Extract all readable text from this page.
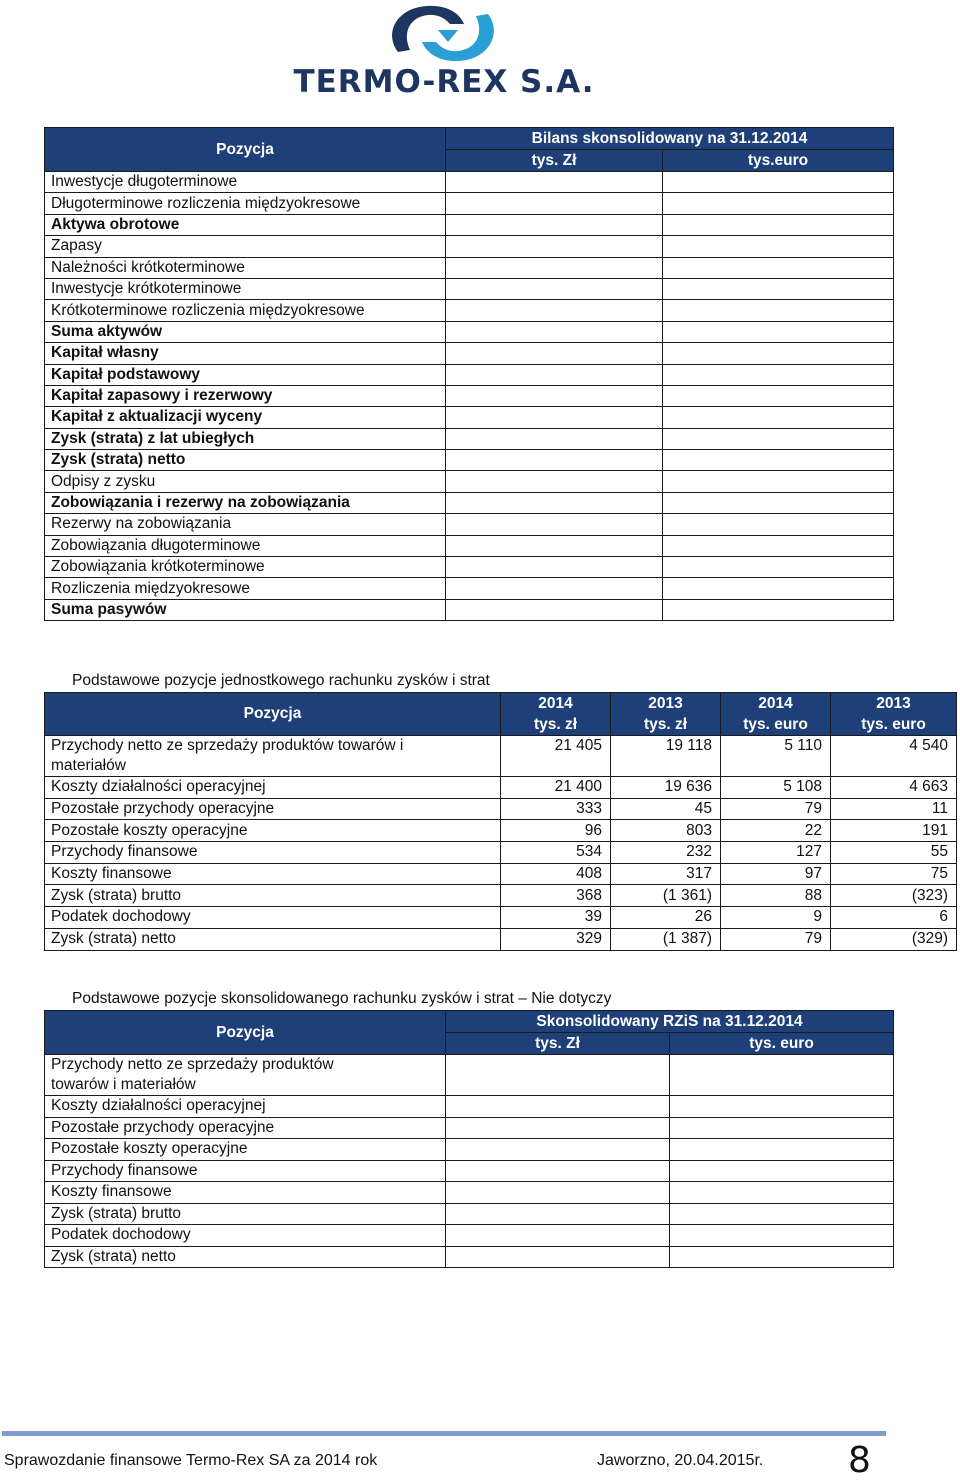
TERMO-REX S.A.
Pozycja	Bilans skonsolidowany na 31.12.2014	
	tys. Zł	tys.euro
Inwestycje długoterminowe		
Długoterminowe rozliczenia międzyokresowe		
Aktywa obrotowe		
Zapasy		
Należności krótkoterminowe		
Inwestycje krótkoterminowe		
Krótkoterminowe rozliczenia międzyokresowe		
Suma aktywów		
Kapitał własny		
Kapitał podstawowy		
Kapitał zapasowy i rezerwowy		
Kapitał z aktualizacji wyceny		
Zysk (strata) z lat ubiegłych		
Zysk (strata) netto		
Odpisy z zysku		
Zobowiązania i rezerwy na zobowiązania		
Rezerwy na zobowiązania		
Zobowiązania długoterminowe		
Zobowiązania krótkoterminowe		
Rozliczenia międzyokresowe		
Suma pasywów		
Podstawowe pozycje jednostkowego rachunku zysków i strat
Pozycja	2014	2013	2014	2013
	tys. zł	tys. zł	tys. euro	tys. euro
Przychody netto ze sprzedaży produktów towarów i materiałów	21 405	19 118	5 110	4 540
Koszty działalności operacyjnej	21 400	19 636	5 108	4 663
Pozostałe przychody operacyjne	333	45	79	11
Pozostałe koszty operacyjne	96	803	22	191
Przychody finansowe	534	232	127	55
Koszty finansowe	408	317	97	75
Zysk (strata) brutto	368	(1 361)	88	(323)
Podatek dochodowy	39	26	9	6
Zysk (strata) netto	329	(1 387)	79	(329)
Podstawowe pozycje skonsolidowanego rachunku zysków i strat – Nie dotyczy
Pozycja	Skonsolidowany RZiS na 31.12.2014	
	tys. Zł	tys. euro
Przychody netto ze sprzedaży produktów towarów i materiałów		
Koszty działalności operacyjnej		
Pozostałe przychody operacyjne		
Pozostałe koszty operacyjne		
Przychody finansowe		
Koszty finansowe		
Zysk (strata) brutto		
Podatek dochodowy		
Zysk (strata) netto		
Sprawozdanie finansowe Termo-Rex SA za 2014 rok	Jaworzno, 20.04.2015r. 8
